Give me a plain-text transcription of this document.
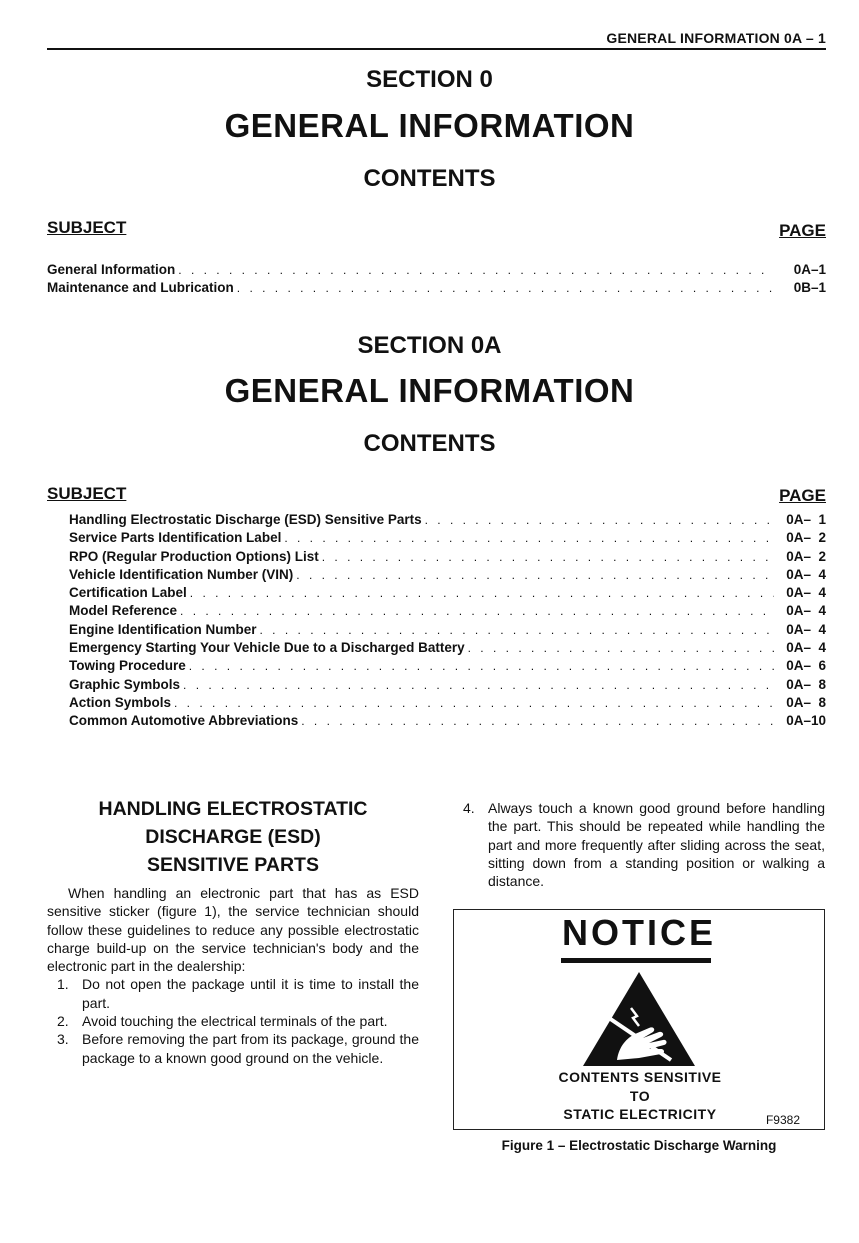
GENERAL INFORMATION 0A – 1
SECTION 0
GENERAL INFORMATION
CONTENTS
SUBJECT	PAGE
General Information . . .	0A–1
Maintenance and Lubrication . . .	0B–1
SECTION 0A
GENERAL INFORMATION
CONTENTS
SUBJECT	PAGE
Handling Electrostatic Discharge (ESD) Sensitive Parts . . .	0A–  1
Service Parts Identification Label . . .	0A–  2
RPO (Regular Production Options) List . . .	0A–  2
Vehicle Identification Number (VIN) . . .	0A–  4
Certification Label . . .	0A–  4
Model Reference . . .	0A–  4
Engine Identification Number . . .	0A–  4
Emergency Starting Your Vehicle Due to a Discharged Battery . . .	0A–  4
Towing Procedure . . .	0A–  6
Graphic Symbols . . .	0A–  8
Action Symbols . . .	0A–  8
Common Automotive Abbreviations . . .	0A–10
HANDLING ELECTROSTATIC
DISCHARGE (ESD)
SENSITIVE PARTS
When handling an electronic part that has as ESD sensitive sticker (figure 1), the service technician should follow these guidelines to reduce any possible electrostatic charge build-up on the service technician's body and the electronic part in the dealership:
1. Do not open the package until it is time to install the part.
2. Avoid touching the electrical terminals of the part.
3. Before removing the part from its package, ground the package to a known good ground on the vehicle.
4. Always touch a known good ground before handling the part. This should be repeated while handling the part and more frequently after sliding across the seat, sitting down from a standing position or walking a distance.
NOTICE
CONTENTS SENSITIVE
TO
STATIC ELECTRICITY	F9382
Figure 1 – Electrostatic Discharge Warning
